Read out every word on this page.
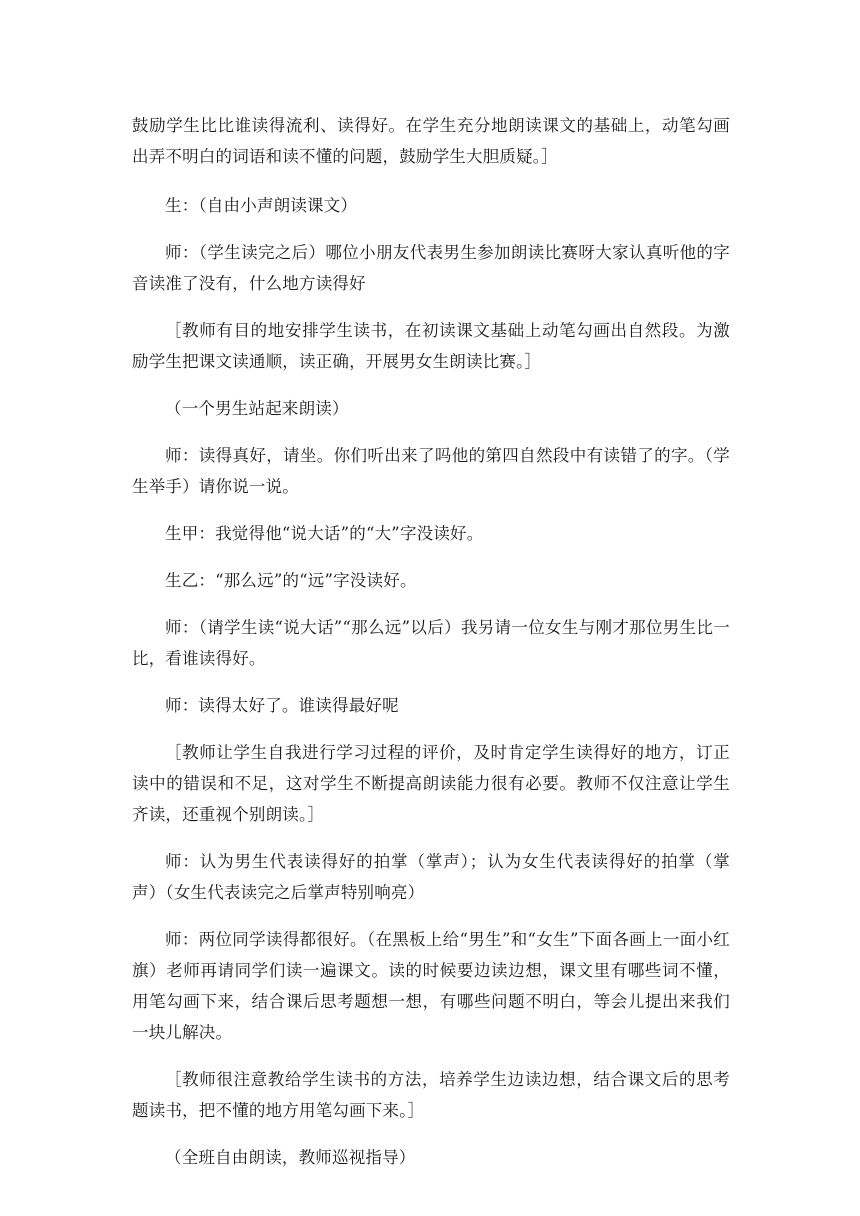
鼓励学生比比谁读得流利、读得好。在学生充分地朗读课文的基础上，动笔勾画出弄不明白的词语和读不懂的问题，鼓励学生大胆质疑。］

生：（自由小声朗读课文）

师：（学生读完之后）哪位小朋友代表男生参加朗读比赛呀大家认真听他的字音读准了没有，什么地方读得好

［教师有目的地安排学生读书，在初读课文基础上动笔勾画出自然段。为激励学生把课文读通顺，读正确，开展男女生朗读比赛。］

（一个男生站起来朗读）

师：读得真好，请坐。你们听出来了吗他的第四自然段中有读错了的字。（学生举手）请你说一说。

生甲：我觉得他“说大话”的“大”字没读好。

生乙：“那么远”的“远”字没读好。

师：（请学生读“说大话”“那么远”以后）我另请一位女生与刚才那位男生比一比，看谁读得好。

师：读得太好了。谁读得最好呢

［教师让学生自我进行学习过程的评价，及时肯定学生读得好的地方，订正读中的错误和不足，这对学生不断提高朗读能力很有必要。教师不仅注意让学生齐读，还重视个别朗读。］

师：认为男生代表读得好的拍掌（掌声）；认为女生代表读得好的拍掌（掌声）（女生代表读完之后掌声特别响亮）

师：两位同学读得都很好。（在黑板上给“男生”和“女生”下面各画上一面小红旗）老师再请同学们读一遍课文。读的时候要边读边想，课文里有哪些词不懂，用笔勾画下来，结合课后思考题想一想，有哪些问题不明白，等会儿提出来我们一块儿解决。

［教师很注意教给学生读书的方法，培养学生边读边想，结合课文后的思考题读书，把不懂的地方用笔勾画下来。］

（全班自由朗读，教师巡视指导）
